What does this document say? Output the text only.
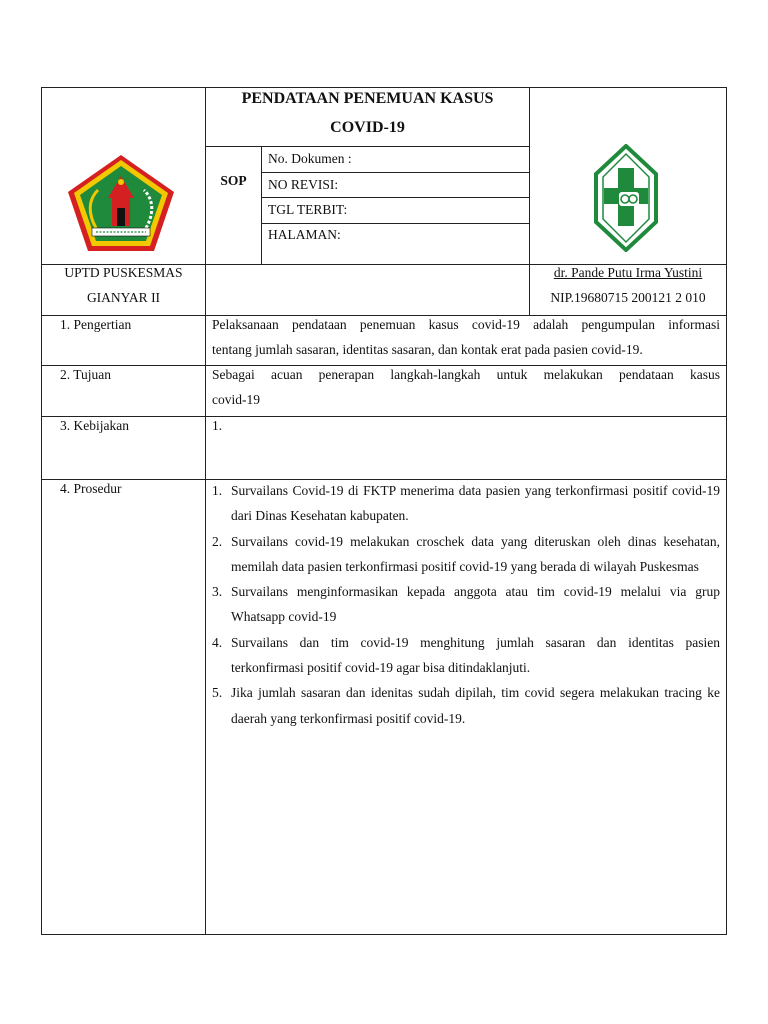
PENDATAAN PENEMUAN KASUS
COVID-19
SOP
No. Dokumen :
NO REVISI:
TGL TERBIT:
HALAMAN:
UPTD PUSKESMAS
GIANYAR II
dr. Pande Putu Irma Yustini
NIP.19680715 200121 2 010
1. Pengertian	Pelaksanaan pendataan penemuan kasus covid-19 adalah pengumpulan informasi
tentang jumlah sasaran, identitas sasaran, dan kontak erat pada pasien covid-19.
2. Tujuan	Sebagai acuan penerapan langkah-langkah untuk melakukan pendataan kasus
covid-19
3. Kebijakan	1.
4. Prosedur	1. Survailans Covid-19 di FKTP menerima data pasien yang terkonfirmasi positif covid-19 dari Dinas Kesehatan kabupaten.
2. Survailans covid-19 melakukan croschek data yang diteruskan oleh dinas kesehatan, memilah data pasien terkonfirmasi positif covid-19 yang berada di wilayah Puskesmas
3. Survailans menginformasikan kepada anggota atau tim covid-19 melalui via grup Whatsapp covid-19
4. Survailans dan tim covid-19 menghitung jumlah sasaran dan identitas pasien terkonfirmasi positif covid-19 agar bisa ditindaklanjuti.
5. Jika jumlah sasaran dan idenitas sudah dipilah, tim covid segera melakukan tracing ke daerah yang terkonfirmasi positif covid-19.
